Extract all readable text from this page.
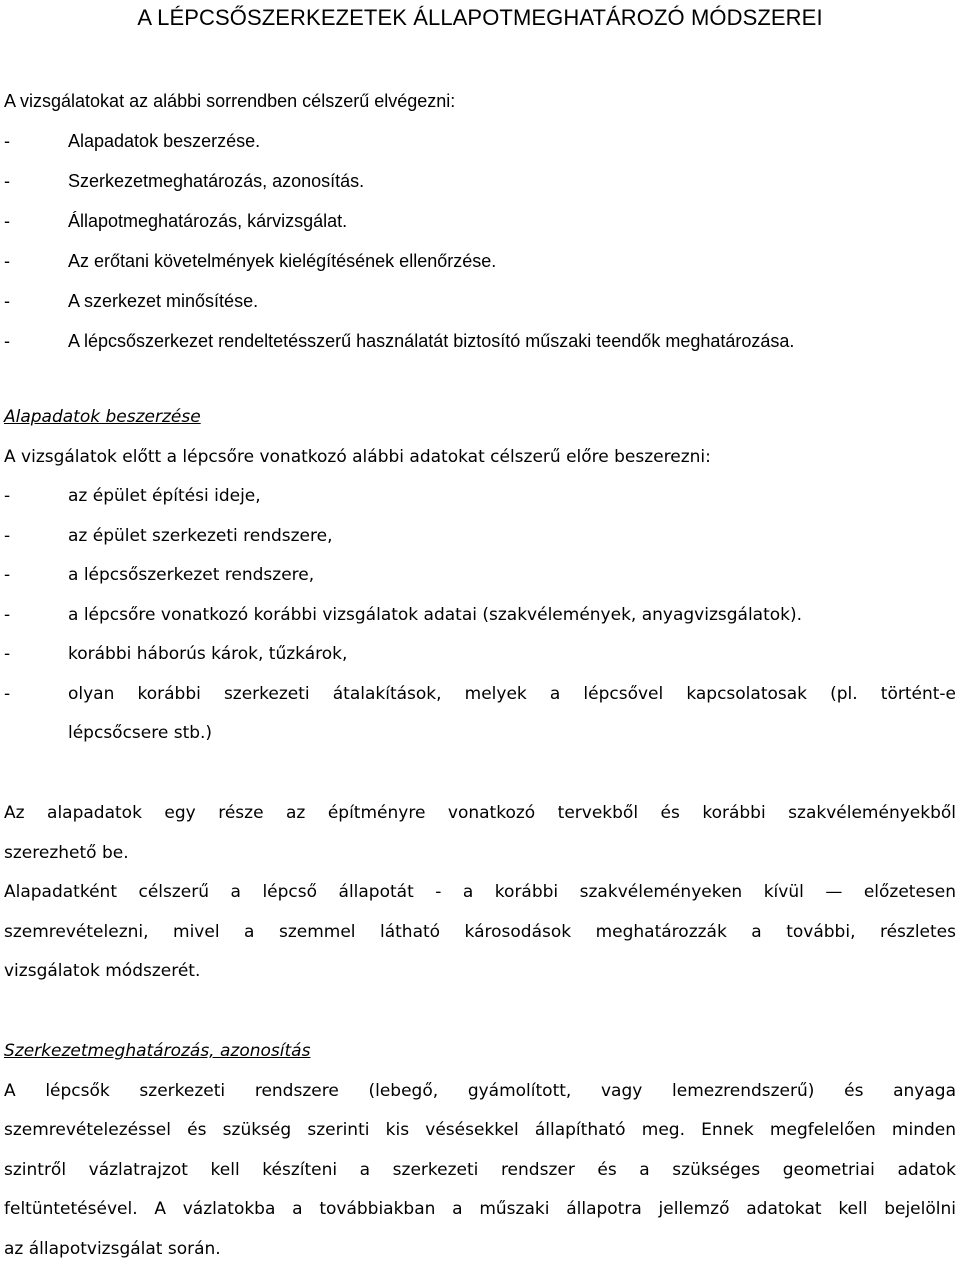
A LÉPCSŐSZERKEZETEK ÁLLAPOTMEGHATÁROZÓ MÓDSZEREI
A vizsgálatokat az alábbi sorrendben célszerű elvégezni:
-	Alapadatok beszerzése.
-	Szerkezetmeghatározás, azonosítás.
-	Állapotmeghatározás, kárvizsgálat.
-	Az erőtani követelmények kielégítésének ellenőrzése.
-	A szerkezet minősítése.
-	A lépcsőszerkezet rendeltetésszerű használatát biztosító műszaki teendők meghatározása.
Alapadatok beszerzése
A vizsgálatok előtt a lépcsőre vonatkozó alábbi adatokat célszerű előre beszerezni:
-	az épület építési ideje,
-	az épület szerkezeti rendszere,
-	a lépcsőszerkezet rendszere,
-	a lépcsőre vonatkozó korábbi vizsgálatok adatai (szakvélemények, anyagvizsgálatok).
-	korábbi háborús károk, tűzkárok,
-	olyan korábbi szerkezeti átalakítások, melyek a lépcsővel kapcsolatosak (pl. történt-e
lépcsőcsere stb.)
Az alapadatok egy része az építményre vonatkozó tervekből és korábbi szakvéleményekből
szerezhető be.
Alapadatként célszerű a lépcső állapotát - a korábbi szakvéleményeken kívül — előzetesen
szemrevételezni, mivel a szemmel látható károsodások meghatározzák a további, részletes
vizsgálatok módszerét.
Szerkezetmeghatározás, azonosítás
A lépcsők szerkezeti rendszere (lebegő, gyámolított, vagy lemezrendszerű) és anyaga
szemrevételezéssel és szükség szerinti kis vésésekkel állapítható meg. Ennek megfelelően minden
szintről vázlatrajzot kell készíteni a szerkezeti rendszer és a szükséges geometriai adatok
feltüntetésével. A vázlatokba a továbbiakban a műszaki állapotra jellemző adatokat kell bejelölni
az állapotvizsgálat során.
